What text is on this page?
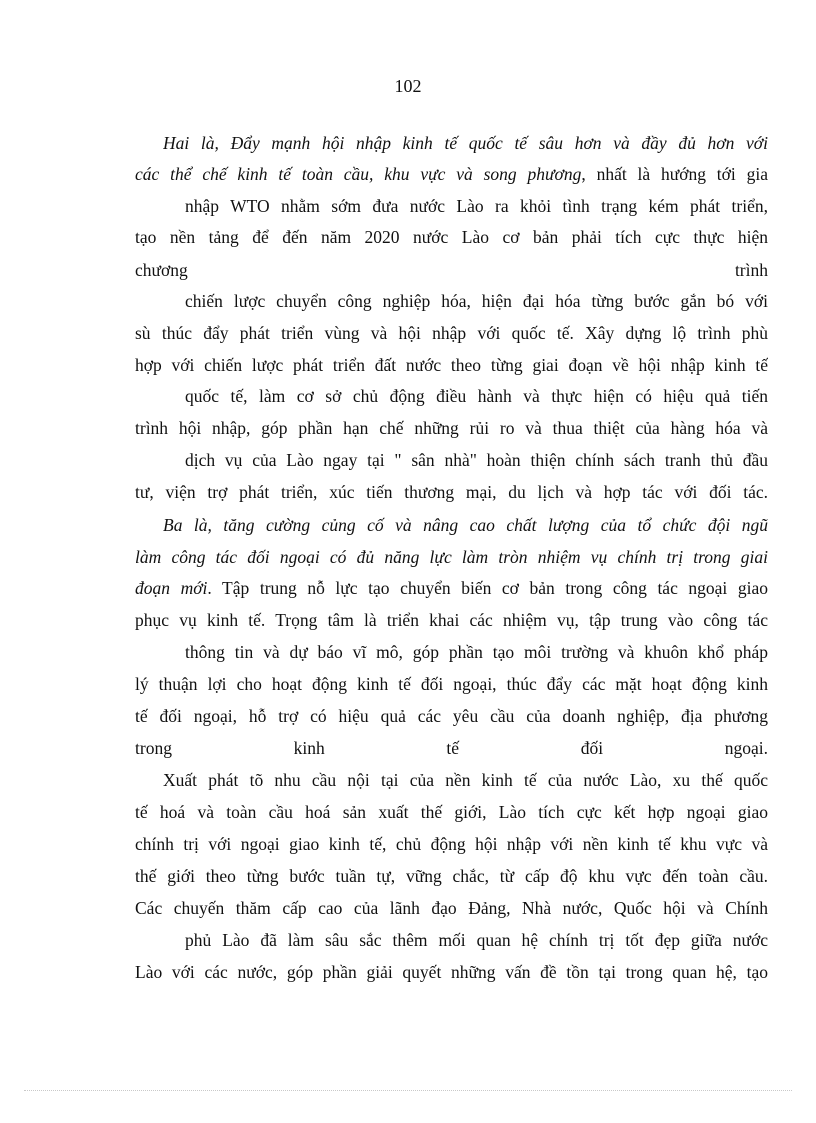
102
Hai là, Đẩy mạnh hội nhập kinh tế quốc tế sâu hơn và đầy đủ hơn với
các thể chế kinh tế toàn cầu, khu vực và song phương, nhất là hướng tới gia
nhập WTO nhằm sớm đưa nước Lào ra khỏi tình trạng kém phát triển,
tạo nền tảng để đến năm 2020 nước Lào cơ bản phải tích cực thực hiện
chương trình
chiến lược chuyển công nghiệp hóa, hiện đại hóa từng bước gắn bó với
sù thúc đẩy phát triển vùng và hội nhập với quốc tế. Xây dựng lộ trình phù
hợp với chiến lược phát triển đất nước theo từng giai đoạn về hội nhập kinh tế
quốc tế, làm cơ sở chủ động điều hành và thực hiện có hiệu quả tiến
trình hội nhập, góp phần hạn chế những rủi ro và thua thiệt của hàng hóa và
dịch vụ của Lào ngay tại " sân nhà" hoàn thiện chính sách tranh thủ đầu
tư, viện trợ phát triển, xúc tiến thương mại, du lịch và hợp tác với đối tác.
Ba là, tăng cường củng cố và nâng cao chất lượng của tổ chức đội ngũ
làm công tác đối ngoại có đủ năng lực làm tròn nhiệm vụ chính trị trong giai
đoạn mới. Tập trung nỗ lực tạo chuyển biến cơ bản trong công tác ngoại giao
phục vụ kinh tế. Trọng tâm là triển khai các nhiệm vụ, tập trung vào công tác
thông tin và dự báo vĩ mô, góp phần tạo môi trường và khuôn khổ pháp
lý thuận lợi cho hoạt động kinh tế đối ngoại, thúc đẩy các mặt hoạt động kinh
tế đối ngoại, hỗ trợ có hiệu quả các yêu cầu của doanh nghiệp, địa phương
trong kinh tế đối ngoại.
Xuất phát tõ nhu cầu nội tại của nền kinh tế của nước Lào, xu thế quốc
tế hoá và toàn cầu hoá sản xuất thế giới, Lào tích cực kết hợp ngoại giao
chính trị với ngoại giao kinh tế, chủ động hội nhập với nền kinh tế khu vực và
thế giới theo từng bước tuần tự, vững chắc, từ cấp độ khu vực đến toàn cầu.
Các chuyến thăm cấp cao của lãnh đạo Đảng, Nhà nước, Quốc hội và Chính
phủ Lào đã làm sâu sắc thêm mối quan hệ chính trị tốt đẹp giữa nước
Lào với các nước, góp phần giải quyết những vấn đề tồn tại trong quan hệ, tạo
